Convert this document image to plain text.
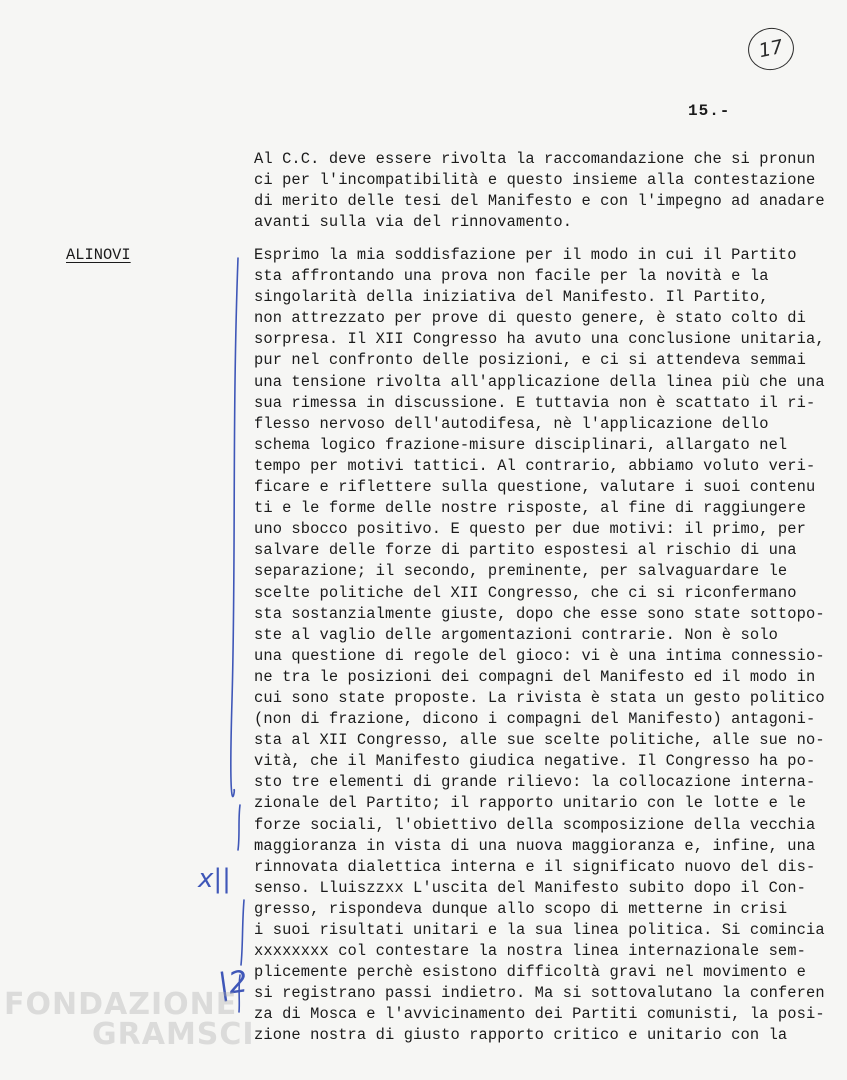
17
15.-
Al C.C. deve essere rivolta la raccomandazione che si pronun
ci per l'incompatibilità e questo insieme alla contestazione
di merito delle tesi del Manifesto e con l'impegno ad anadare
avanti sulla via del rinnovamento.
ALINOVI	Esprimo la mia soddisfazione per il modo in cui il Partito
sta affrontando una prova non facile per la novità e la
singolarità della iniziativa del Manifesto. Il Partito,
non attrezzato per prove di questo genere, è stato colto di
sorpresa. Il XII Congresso ha avuto una conclusione unitaria,
pur nel confronto delle posizioni, e ci si attendeva semmai
una tensione rivolta all'applicazione della linea più che una
sua rimessa in discussione. E tuttavia non è scattato il ri-
flesso nervoso dell'autodifesa, nè l'applicazione dello
schema logico frazione-misure disciplinari, allargato nel
tempo per motivi tattici. Al contrario, abbiamo voluto veri-
ficare e riflettere sulla questione, valutare i suoi contenu
ti e le forme delle nostre risposte, al fine di raggiungere
uno sbocco positivo. E questo per due motivi: il primo, per
salvare delle forze di partito espostesi al rischio di una
separazione; il secondo, preminente, per salvaguardare le
scelte politiche del XII Congresso, che ci si riconfermano
sta sostanzialmente giuste, dopo che esse sono state sottopo-
ste al vaglio delle argomentazioni contrarie. Non è solo
una questione di regole del gioco: vi è una intima connessio-
ne tra le posizioni dei compagni del Manifesto ed il modo in
cui sono state proposte. La rivista è stata un gesto politico
(non di frazione, dicono i compagni del Manifesto) antagoni-
sta al XII Congresso, alle sue scelte politiche, alle sue no-
vità, che il Manifesto giudica negative. Il Congresso ha po-
sto tre elementi di grande rilievo: la collocazione interna-
zionale del Partito; il rapporto unitario con le lotte e le
forze sociali, l'obiettivo della scomposizione della vecchia
maggioranza in vista di una nuova maggioranza e, infine, una
rinnovata dialettica interna e il significato nuovo del dis-
senso. Lluiszzxx L'uscita del Manifesto subito dopo il Con-
gresso, rispondeva dunque allo scopo di metterne in crisi
i suoi risultati unitari e la sua linea politica. Si comincia
xxxxxxxx col contestare la nostra linea internazionale sem-
plicemente perchè esistono difficoltà gravi nel movimento e
si registrano passi indietro. Ma si sottovalutano la conferen
za di Mosca e l'avvicinamento dei Partiti comunisti, la posi-
zione nostra di giusto rapporto critico e unitario con la
x||
|2
FONDAZIONE
GRAMSCI
